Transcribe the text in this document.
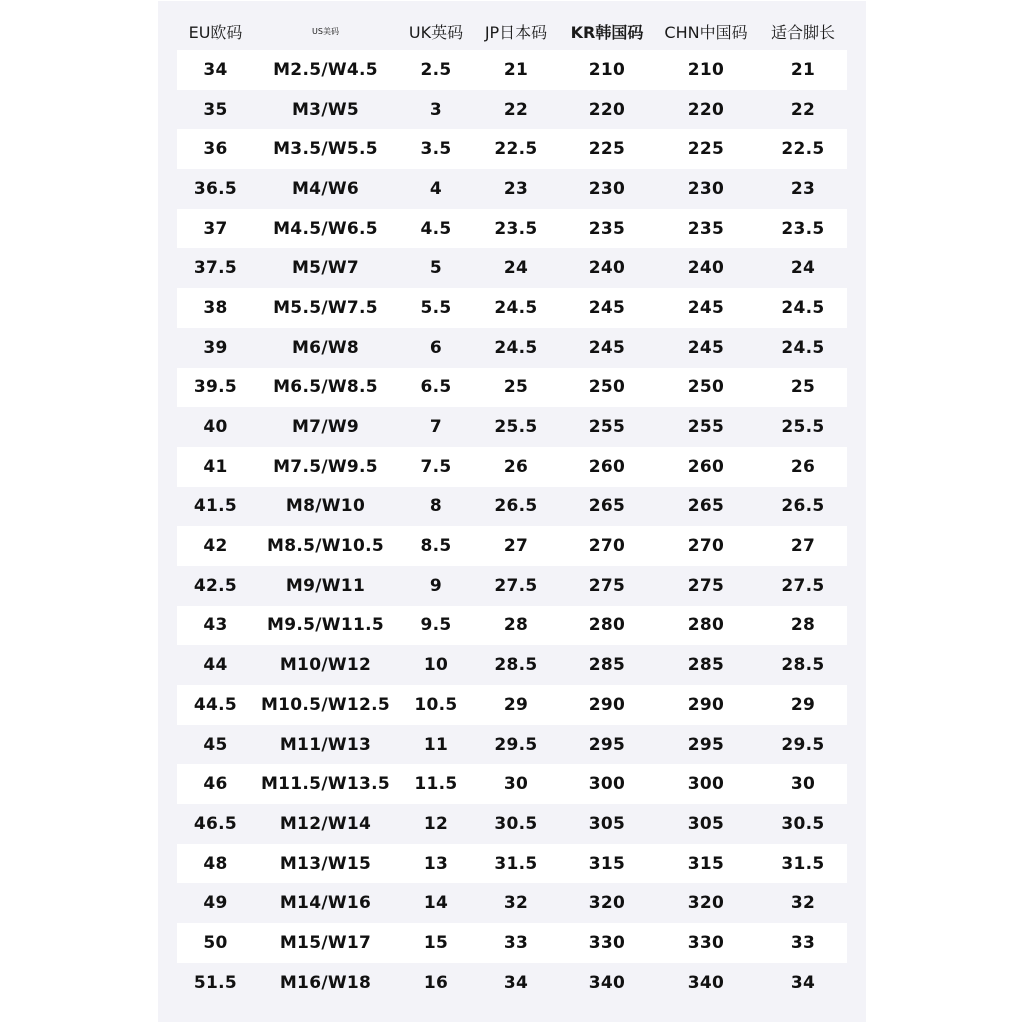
EU欧码	US美码	UK英码	JP日本码	KR韩国码	CHN中国码	适合脚长
34	M2.5/W4.5	2.5	21	210	210	21
35	M3/W5	3	22	220	220	22
36	M3.5/W5.5	3.5	22.5	225	225	22.5
36.5	M4/W6	4	23	230	230	23
37	M4.5/W6.5	4.5	23.5	235	235	23.5
37.5	M5/W7	5	24	240	240	24
38	M5.5/W7.5	5.5	24.5	245	245	24.5
39	M6/W8	6	24.5	245	245	24.5
39.5	M6.5/W8.5	6.5	25	250	250	25
40	M7/W9	7	25.5	255	255	25.5
41	M7.5/W9.5	7.5	26	260	260	26
41.5	M8/W10	8	26.5	265	265	26.5
42	M8.5/W10.5	8.5	27	270	270	27
42.5	M9/W11	9	27.5	275	275	27.5
43	M9.5/W11.5	9.5	28	280	280	28
44	M10/W12	10	28.5	285	285	28.5
44.5	M10.5/W12.5	10.5	29	290	290	29
45	M11/W13	11	29.5	295	295	29.5
46	M11.5/W13.5	11.5	30	300	300	30
46.5	M12/W14	12	30.5	305	305	30.5
48	M13/W15	13	31.5	315	315	31.5
49	M14/W16	14	32	320	320	32
50	M15/W17	15	33	330	330	33
51.5	M16/W18	16	34	340	340	34
